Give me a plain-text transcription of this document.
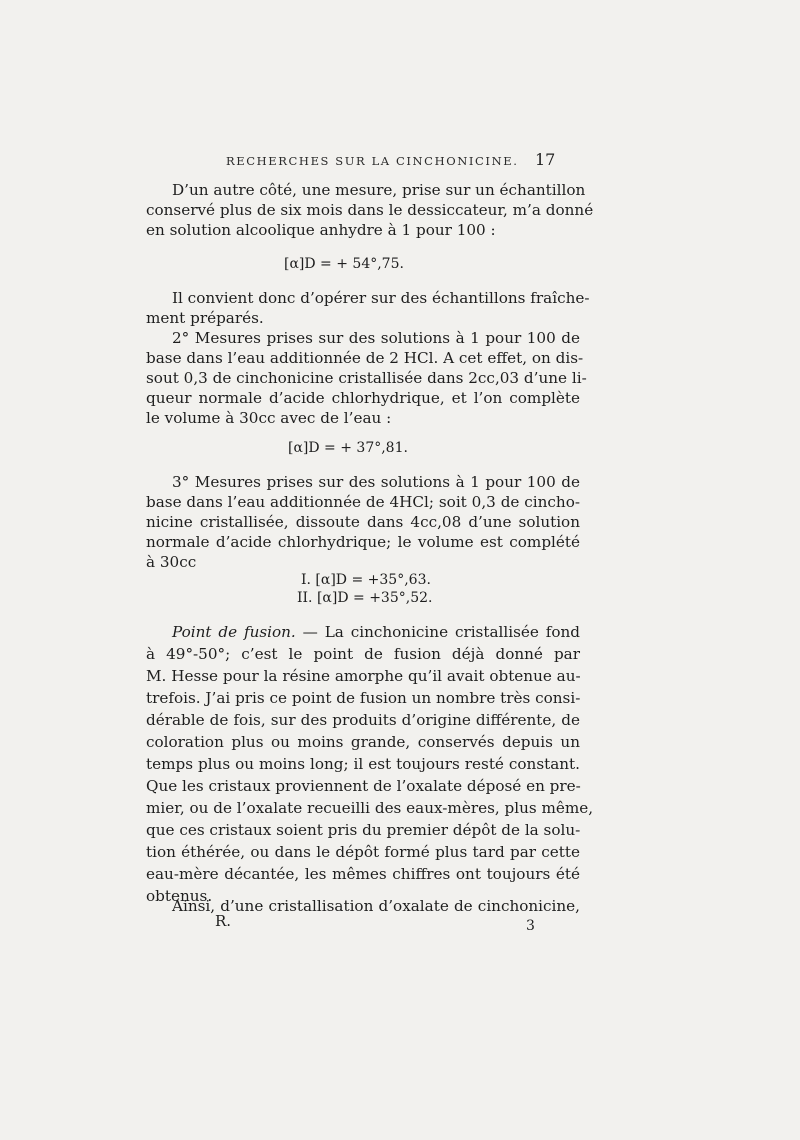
RECHERCHES SUR LA CINCHONICINE. 17
D’un autre côté, une mesure, prise sur un échantillon
conservé plus de six mois dans le dessiccateur, m’a donné
en solution alcoolique anhydre à 1 pour 100 :
[α]D = + 54°,75.
Il convient donc d’opérer sur des échantillons fraîche-
ment préparés.
2° Mesures prises sur des solutions à 1 pour 100 de
base dans l’eau additionnée de 2 HCl. A cet effet, on dis-
sout 0,3 de cinchonicine cristallisée dans 2cc,03 d’une li-
queur normale d’acide chlorhydrique, et l’on complète
le volume à 30cc avec de l’eau :
[α]D = + 37°,81.
3° Mesures prises sur des solutions à 1 pour 100 de
base dans l’eau additionnée de 4HCl; soit 0,3 de cincho-
nicine cristallisée, dissoute dans 4cc,08 d’une solution
normale d’acide chlorhydrique; le volume est complété
à 30cc
I. [α]D = +35°,63.
II. [α]D = +35°,52.
Point de fusion. — La cinchonicine cristallisée fond
à 49°-50°; c’est le point de fusion déjà donné par
M. Hesse pour la résine amorphe qu’il avait obtenue au-
trefois. J’ai pris ce point de fusion un nombre très consi-
dérable de fois, sur des produits d’origine différente, de
coloration plus ou moins grande, conservés depuis un
temps plus ou moins long; il est toujours resté constant.
Que les cristaux proviennent de l’oxalate déposé en pre-
mier, ou de l’oxalate recueilli des eaux-mères, plus même,
que ces cristaux soient pris du premier dépôt de la solu-
tion éthérée, ou dans le dépôt formé plus tard par cette
eau-mère décantée, les mêmes chiffres ont toujours été
obtenus.
Ainsi, d’une cristallisation d’oxalate de cinchonicine,
R.	3
